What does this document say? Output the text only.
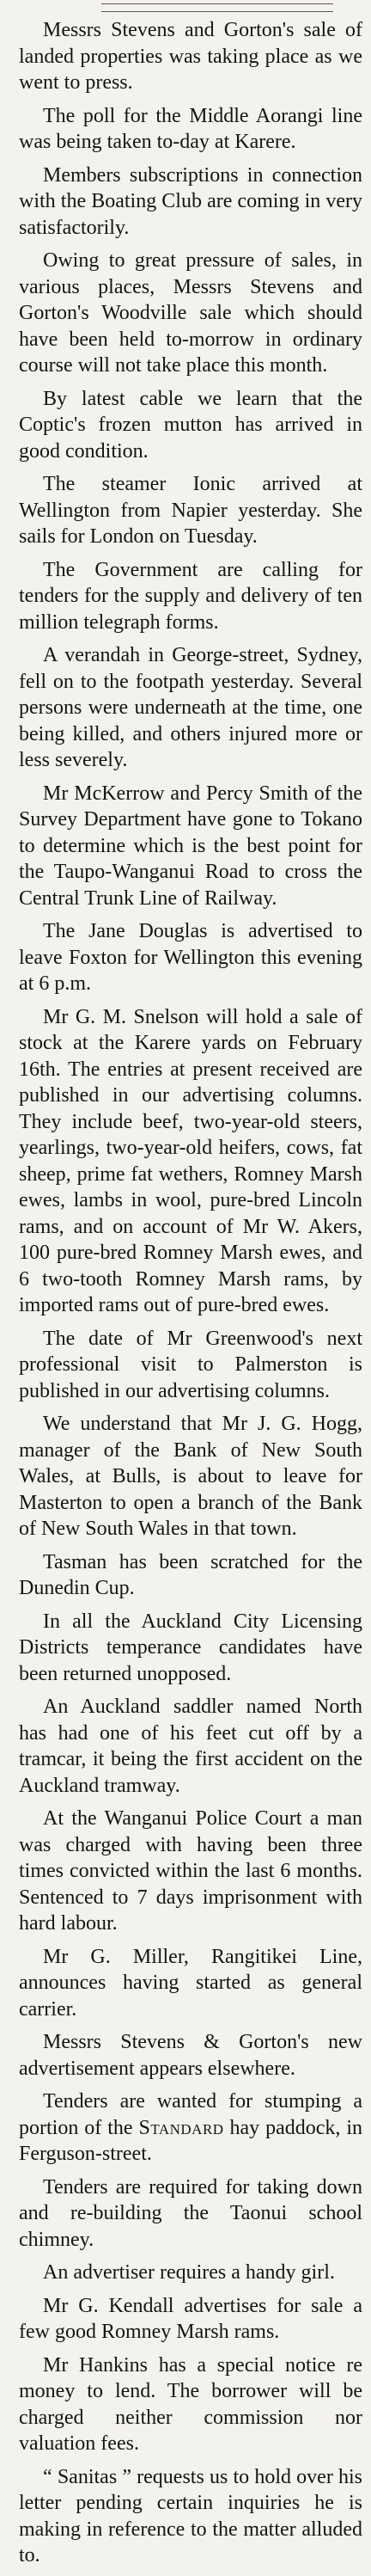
Messrs Stevens and Gorton's sale of landed properties was taking place as we went to press.

The poll for the Middle Aorangi line was being taken to-day at Karere.

Members subscriptions in connection with the Boating Club are coming in very satisfactorily.

Owing to great pressure of sales, in various places, Messrs Stevens and Gorton's Woodville sale which should have been held to-morrow in ordinary course will not take place this month.

By latest cable we learn that the Coptic's frozen mutton has arrived in good condition.

The steamer Ionic arrived at Wellington from Napier yesterday. She sails for London on Tuesday.

The Government are calling for tenders for the supply and delivery of ten million telegraph forms.

A verandah in George-street, Sydney, fell on to the footpath yesterday. Several persons were underneath at the time, one being killed, and others injured more or less severely.

Mr McKerrow and Percy Smith of the Survey Department have gone to Tokano to determine which is the best point for the Taupo-Wanganui Road to cross the Central Trunk Line of Railway.

The Jane Douglas is advertised to leave Foxton for Wellington this evening at 6 p.m.

Mr G. M. Snelson will hold a sale of stock at the Karere yards on February 16th. The entries at present received are published in our advertising columns. They include beef, two-year-old steers, yearlings, two-year-old heifers, cows, fat sheep, prime fat wethers, Romney Marsh ewes, lambs in wool, pure-bred Lincoln rams, and on account of Mr W. Akers, 100 pure-bred Romney Marsh ewes, and 6 two-tooth Romney Marsh rams, by imported rams out of pure-bred ewes.

The date of Mr Greenwood's next professional visit to Palmerston is published in our advertising columns.

We understand that Mr J. G. Hogg, manager of the Bank of New South Wales, at Bulls, is about to leave for Masterton to open a branch of the Bank of New South Wales in that town.

Tasman has been scratched for the Dunedin Cup.

In all the Auckland City Licensing Districts temperance candidates have been returned unopposed.

An Auckland saddler named North has had one of his feet cut off by a tramcar, it being the first accident on the Auckland tramway.

At the Wanganui Police Court a man was charged with having been three times convicted within the last 6 months. Sentenced to 7 days imprisonment with hard labour.

Mr G. Miller, Rangitikei Line, announces having started as general carrier.

Messrs Stevens & Gorton's new advertisement appears elsewhere.

Tenders are wanted for stumping a portion of the Standard hay paddock, in Ferguson-street.

Tenders are required for taking down and re-building the Taonui school chimney.

An advertiser requires a handy girl.

Mr G. Kendall advertises for sale a few good Romney Marsh rams.

Mr Hankins has a special notice re money to lend. The borrower will be charged neither commission nor valuation fees.

“ Sanitas ” requests us to hold over his letter pending certain inquiries he is making in reference to the matter alluded to.
